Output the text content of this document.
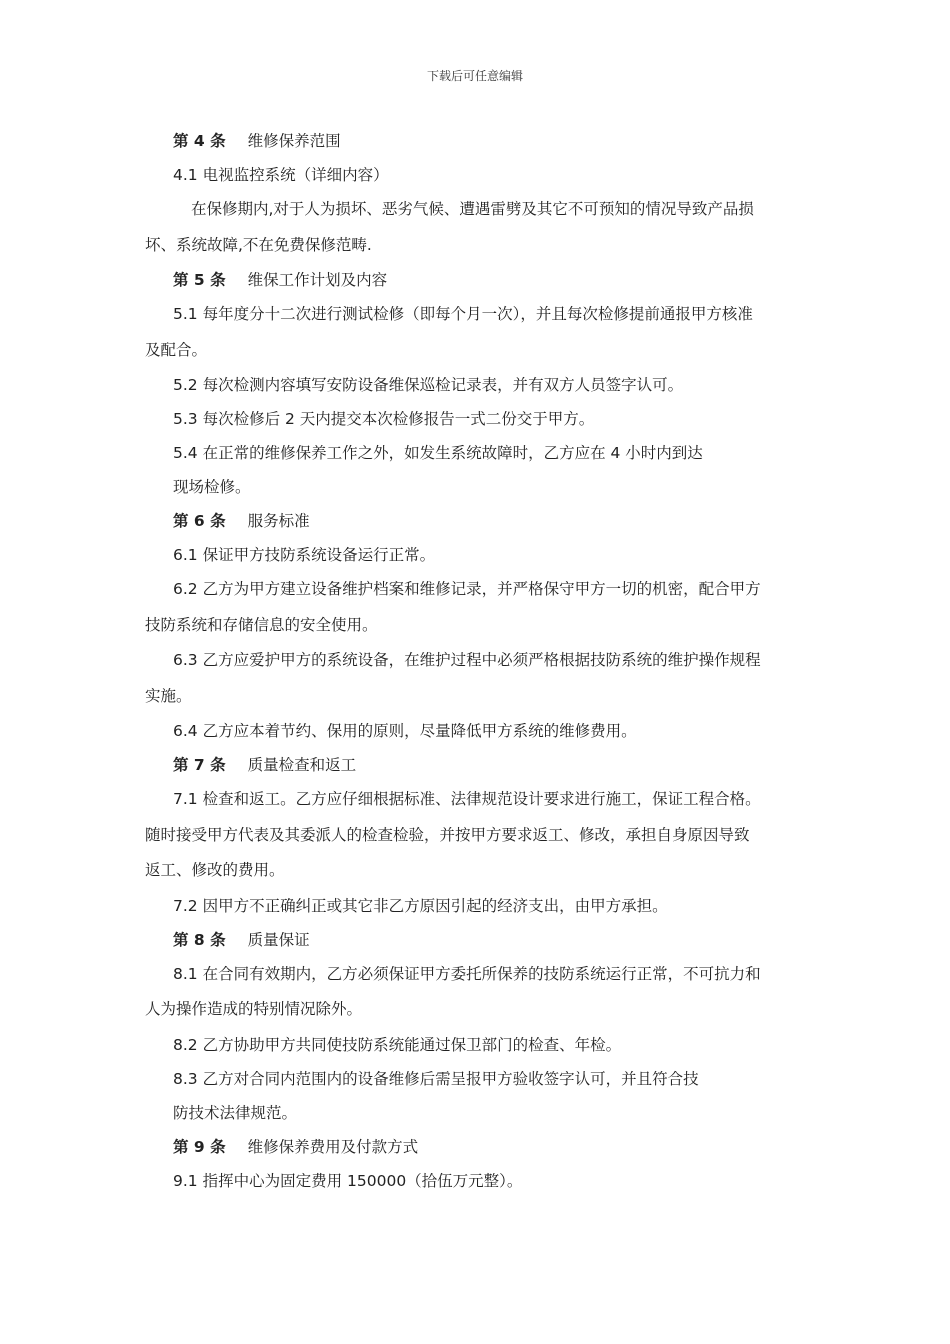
下载后可任意编辑

第 4 条 维修保养范围

4.1 电视监控系统（详细内容）

在保修期内,对于人为损坏、恶劣气候、遭遇雷劈及其它不可预知的情况导致产品损

坏、系统故障,不在免费保修范畴.

第 5 条 维保工作计划及内容

5.1 每年度分十二次进行测试检修（即每个月一次），并且每次检修提前通报甲方核准

及配合。

5.2 每次检测内容填写安防设备维保巡检记录表，并有双方人员签字认可。

5.3 每次检修后 2 天内提交本次检修报告一式二份交于甲方。

5.4 在正常的维修保养工作之外，如发生系统故障时，乙方应在 4 小时内到达

现场检修。

第 6 条 服务标准

6.1 保证甲方技防系统设备运行正常。

6.2 乙方为甲方建立设备维护档案和维修记录，并严格保守甲方一切的机密，配合甲方

技防系统和存储信息的安全使用。

6.3 乙方应爱护甲方的系统设备，在维护过程中必须严格根据技防系统的维护操作规程

实施。

6.4 乙方应本着节约、保用的原则，尽量降低甲方系统的维修费用。

第 7 条 质量检查和返工

7.1 检查和返工。乙方应仔细根据标准、法律规范设计要求进行施工，保证工程合格。

随时接受甲方代表及其委派人的检查检验，并按甲方要求返工、修改，承担自身原因导致

返工、修改的费用。

7.2 因甲方不正确纠正或其它非乙方原因引起的经济支出，由甲方承担。

第 8 条 质量保证

8.1 在合同有效期内，乙方必须保证甲方委托所保养的技防系统运行正常，不可抗力和

人为操作造成的特别情况除外。

8.2 乙方协助甲方共同使技防系统能通过保卫部门的检查、年检。

8.3 乙方对合同内范围内的设备维修后需呈报甲方验收签字认可，并且符合技

防技术法律规范。

第 9 条 维修保养费用及付款方式

9.1 指挥中心为固定费用 150000（拾伍万元整）。
